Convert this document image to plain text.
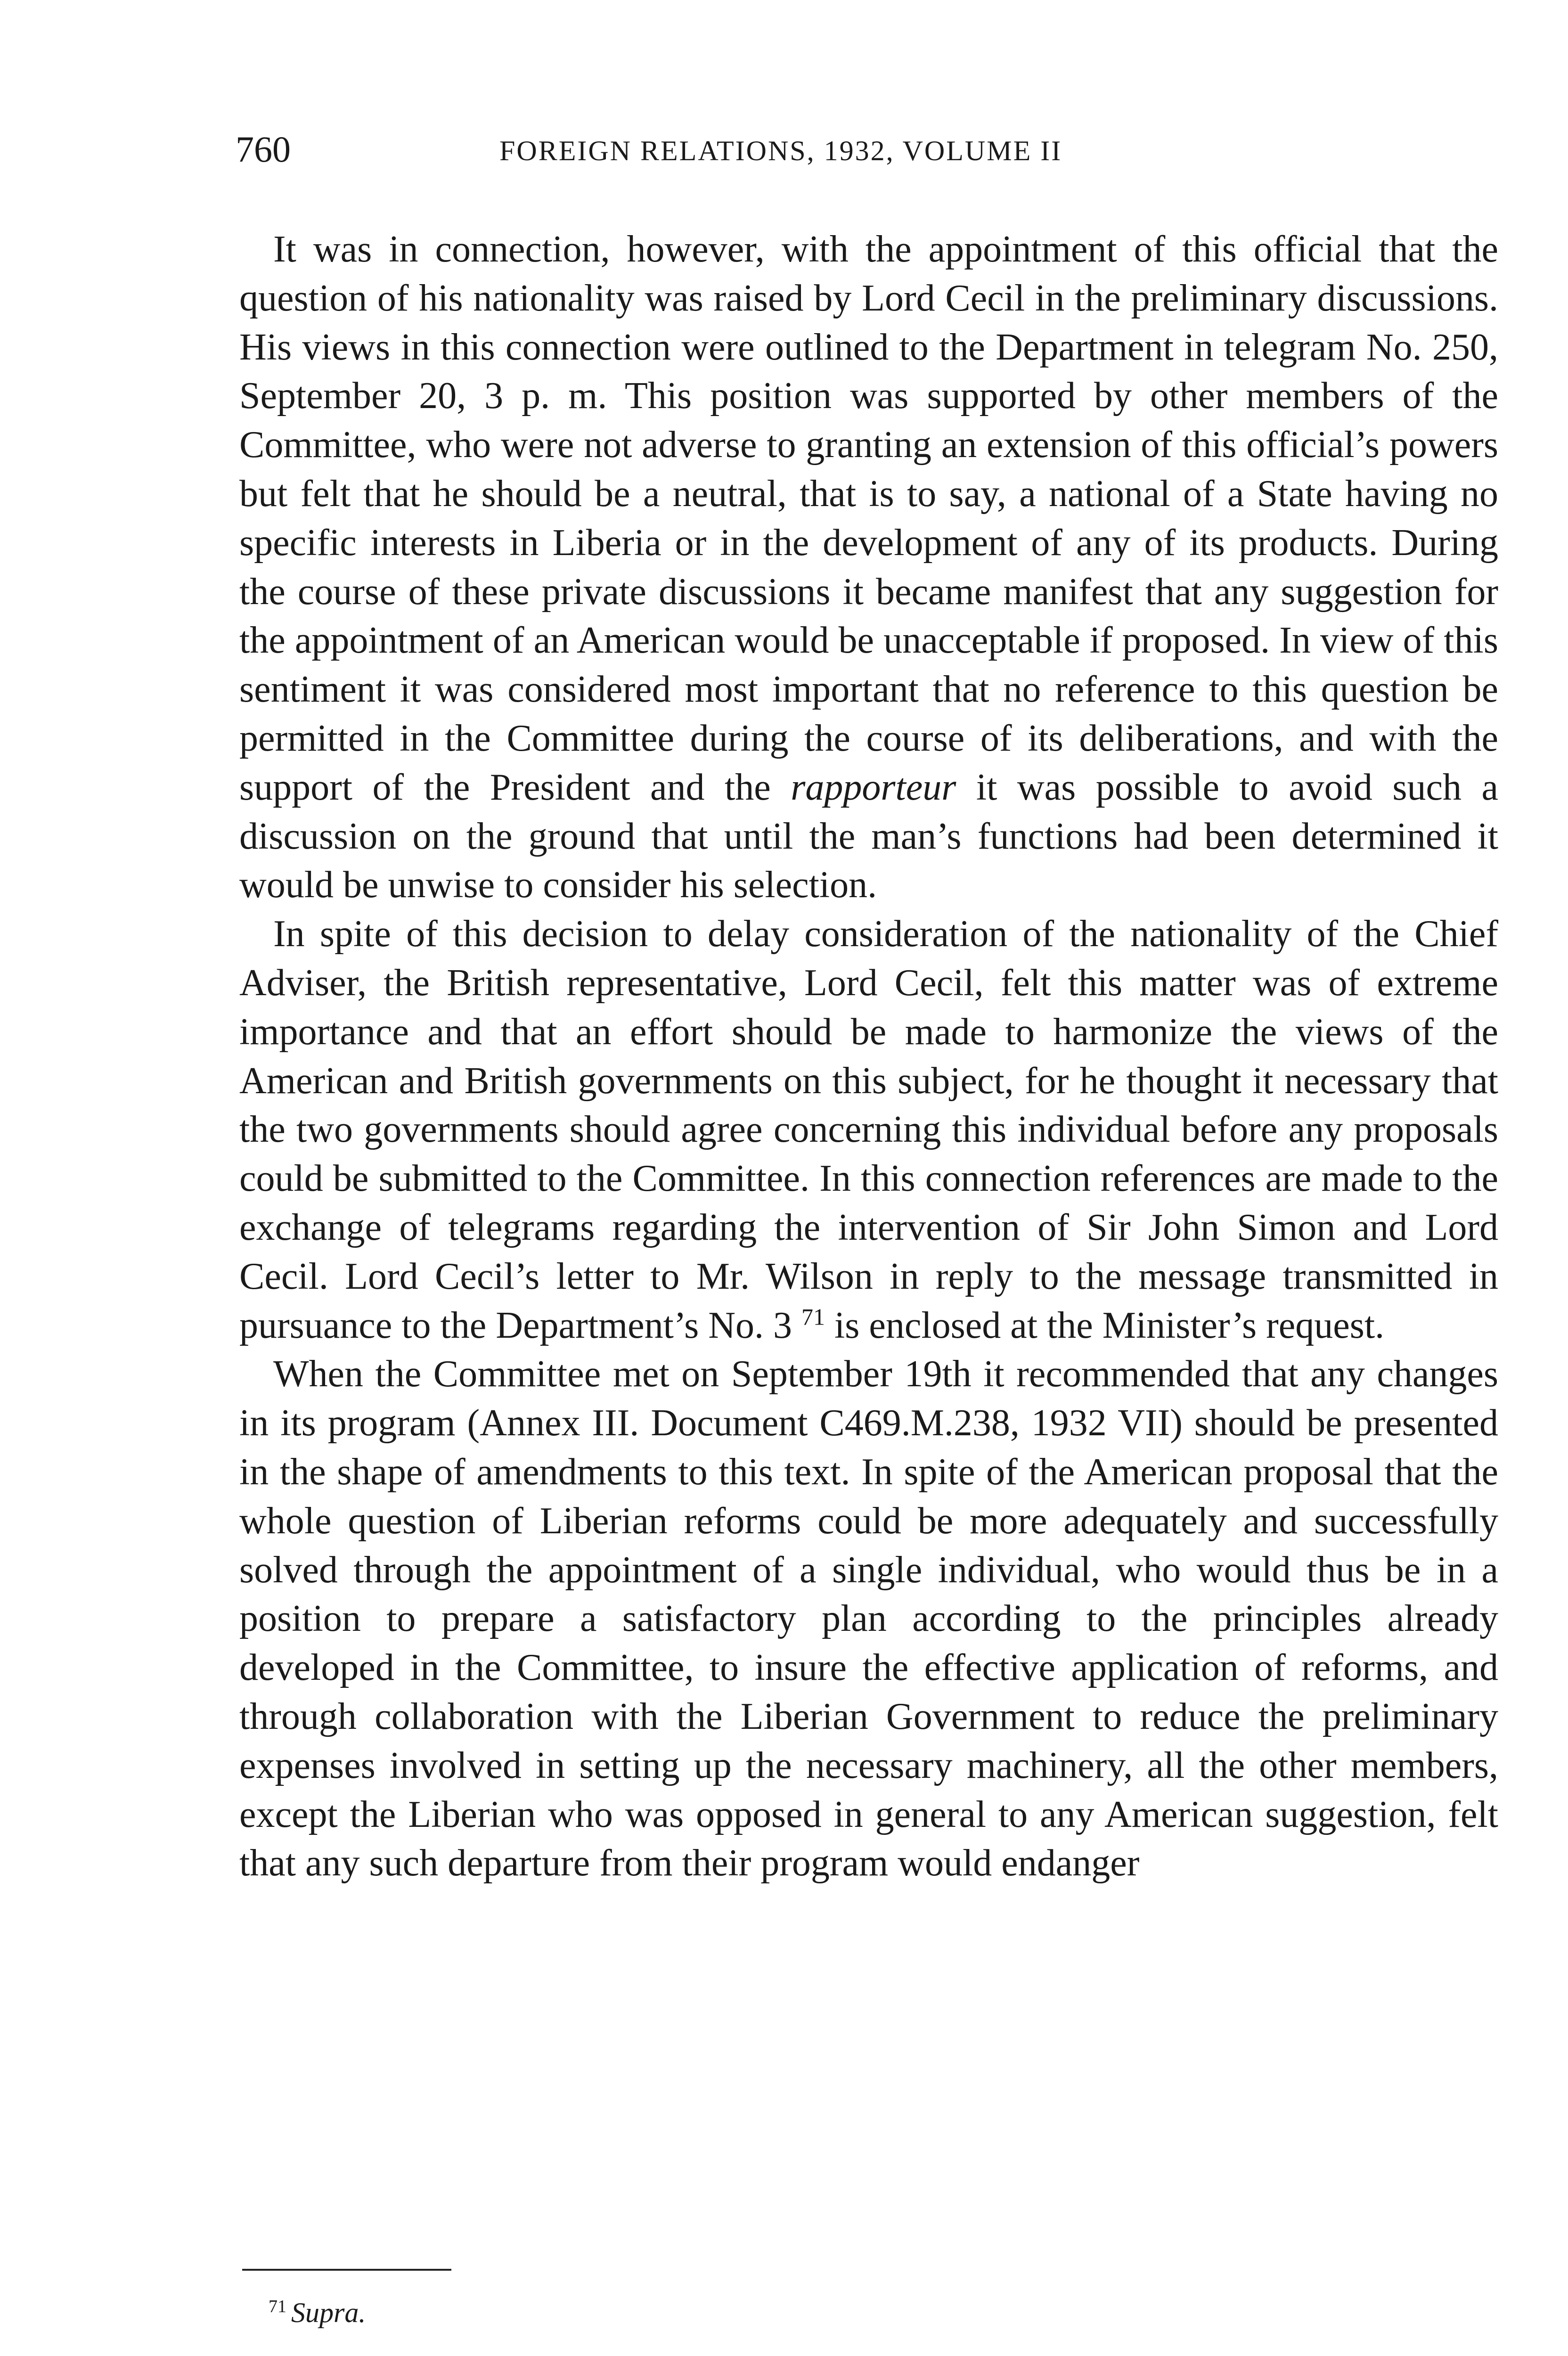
760	FOREIGN RELATIONS, 1932, VOLUME II

It was in connection, however, with the appointment of this official that the question of his nationality was raised by Lord Cecil in the preliminary discussions. His views in this connection were outlined to the Department in telegram No. 250, September 20, 3 p. m. This position was supported by other members of the Committee, who were not adverse to granting an extension of this official’s powers but felt that he should be a neutral, that is to say, a national of a State having no specific interests in Liberia or in the development of any of its products. During the course of these private discussions it became manifest that any suggestion for the appointment of an American would be unacceptable if proposed. In view of this sentiment it was considered most important that no reference to this question be permitted in the Committee during the course of its deliberations, and with the support of the President and the rapporteur it was possible to avoid such a discussion on the ground that until the man’s functions had been determined it would be unwise to consider his selection.

In spite of this decision to delay consideration of the nationality of the Chief Adviser, the British representative, Lord Cecil, felt this matter was of extreme importance and that an effort should be made to harmonize the views of the American and British governments on this subject, for he thought it necessary that the two governments should agree concerning this individual before any proposals could be submitted to the Committee. In this connection references are made to the exchange of telegrams regarding the intervention of Sir John Simon and Lord Cecil. Lord Cecil’s letter to Mr. Wilson in reply to the message transmitted in pursuance to the Department’s No. 3 $^{71}$ is enclosed at the Minister’s request.

When the Committee met on September 19th it recommended that any changes in its program (Annex III. Document C469.M.238, 1932 VII) should be presented in the shape of amendments to this text. In spite of the American proposal that the whole question of Liberian reforms could be more adequately and successfully solved through the appointment of a single individual, who would thus be in a position to prepare a satisfactory plan according to the principles already developed in the Committee, to insure the effective application of reforms, and through collaboration with the Liberian Government to reduce the preliminary expenses involved in setting up the necessary machinery, all the other members, except the Liberian who was opposed in general to any American suggestion, felt that any such departure from their program would endanger

$^{71}$ Supra.
